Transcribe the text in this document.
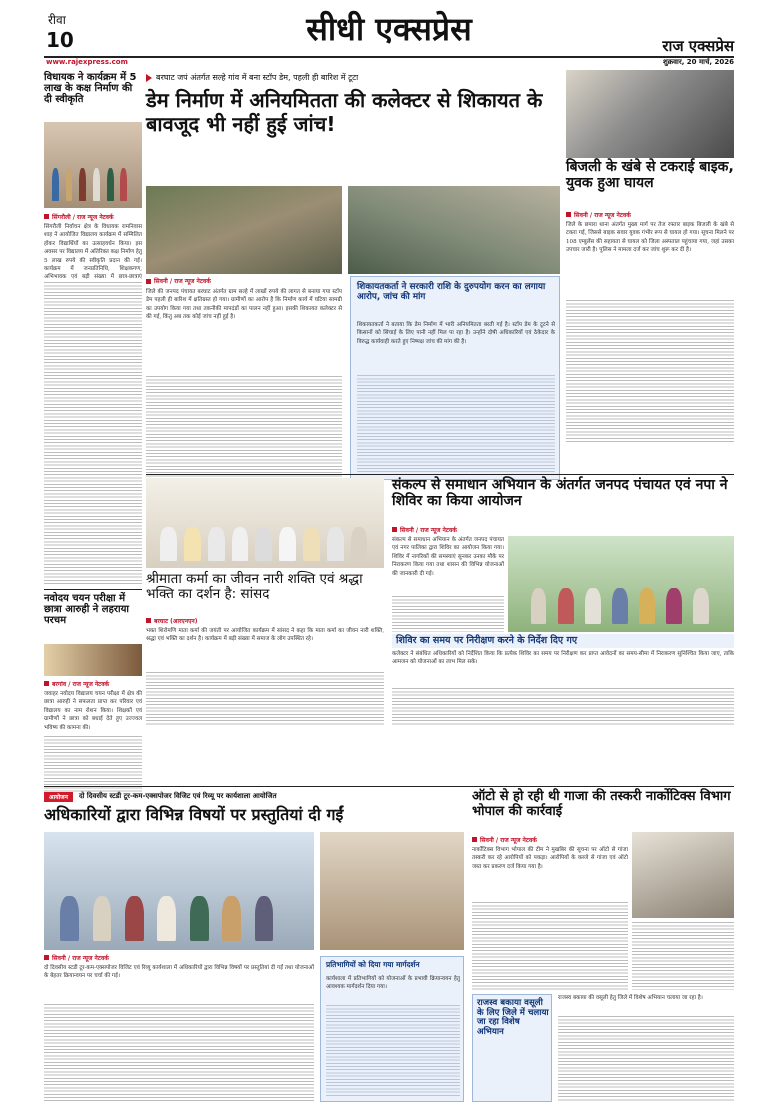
रीवा
10	सीधी एक्सप्रेस	राज एक्सप्रेस
www.rajexpress.com	शुक्रवार, 20 मार्च, 2026
विधायक ने कार्यक्रम में 5 लाख के कक्ष निर्माण की दी स्वीकृति
सिंगरौली / राज न्यूज नेटवर्क
सिंगरौली निर्वाचन क्षेत्र के विधायक रामनिवास शाह ने आयोजित विद्यालय कार्यक्रम में सम्मिलित होकर विद्यार्थियों का उत्साहवर्धन किया। इस अवसर पर विद्यालय में अतिरिक्त कक्ष निर्माण हेतु 5 लाख रुपये की स्वीकृति प्रदान की गई। कार्यक्रम में जनप्रतिनिधि, शिक्षकगण, अभिभावक एवं बड़ी संख्या में छात्र-छात्राएं
नवोदय चयन परीक्षा में छात्रा आरुही ने लहराया परचम
बरगांव / राज न्यूज नेटवर्क
जवाहर नवोदय विद्यालय चयन परीक्षा में क्षेत्र की छात्रा आरुही ने सफलता प्राप्त कर परिवार एवं विद्यालय का नाम रोशन किया। शिक्षकों एवं ग्रामीणों ने छात्रा को बधाई देते हुए उज्ज्वल भविष्य की कामना की।
बरघाट जपं अंतर्गत सल्हे गांव में बना स्टॉप डेम, पहली ही बारिश में टूटा
डेम निर्माण में अनियमितता की कलेक्टर से शिकायत के बावजूद भी नहीं हुई जांच!
सिवनी / राज न्यूज नेटवर्क
जिले की जनपद पंचायत बरघाट अंतर्गत ग्राम सल्हे में लाखों रुपये की लागत से बनाया गया स्टॉप डेम पहली ही बारिश में क्षतिग्रस्त हो गया। ग्रामीणों का आरोप है कि निर्माण कार्य में घटिया सामग्री का उपयोग किया गया तथा तकनीकी मापदंडों का पालन नहीं हुआ। इसकी शिकायत कलेक्टर से की गई, किंतु अब तक कोई जांच नहीं हुई है।
शिकायतकर्ता ने सरकारी राशि के दुरुपयोग करन का लगाया आरोप, जांच की मांग
शिकायतकर्ता ने बताया कि डेम निर्माण में भारी अनियमितता बरती गई है। स्टॉप डेम के टूटने से किसानों को सिंचाई के लिए पानी नहीं मिल पा रहा है। उन्होंने दोषी अधिकारियों एवं ठेकेदार के विरुद्ध कार्यवाही करते हुए निष्पक्ष जांच की मांग की है।
बिजली के खंबे से टकराई बाइक, युवक हुआ घायल
सिवनी / राज न्यूज नेटवर्क
जिले के छपारा थाना अंतर्गत मुख्य मार्ग पर तेज रफ्तार बाइक बिजली के खंबे से टकरा गई, जिससे बाइक सवार युवक गंभीर रूप से घायल हो गया। सूचना मिलने पर 108 एम्बुलेंस की सहायता से घायल को जिला अस्पताल पहुंचाया गया, जहां उसका उपचार जारी है। पुलिस ने मामला दर्ज कर जांच शुरू कर दी है।
संकल्प से समाधान अभियान के अंतर्गत जनपद पंचायत एवं नपा ने शिविर का किया आयोजन
सिवनी / राज न्यूज नेटवर्क
संकल्प से समाधान अभियान के अंतर्गत जनपद पंचायत एवं नगर पालिका द्वारा शिविर का आयोजन किया गया। शिविर में नागरिकों की समस्याएं सुनकर उनका मौके पर निराकरण किया गया तथा शासन की विभिन्न योजनाओं की जानकारी दी गई।
शिविर का समय पर निरीक्षण करने के निर्देश दिए गए
कलेक्टर ने संबंधित अधिकारियों को निर्देशित किया कि प्रत्येक शिविर का समय पर निरीक्षण कर प्राप्त आवेदनों का समय-सीमा में निराकरण सुनिश्चित किया जाए, ताकि आमजन को योजनाओं का लाभ मिल सके।
श्रीमाता कर्मा का जीवन नारी शक्ति एवं श्रद्धा भक्ति का दर्शन है: सांसद
बरघाट (आरएनएन)
भक्त शिरोमणि माता कर्मा की जयंती पर आयोजित कार्यक्रम में सांसद ने कहा कि माता कर्मा का जीवन नारी शक्ति, श्रद्धा एवं भक्ति का दर्शन है। कार्यक्रम में बड़ी संख्या में समाज के लोग उपस्थित रहे।
आयोजन	दो दिवसीय स्टडी टूर-कम-एक्सपोजर विजिट एवं रिव्यू पर कार्यशाला आयोजित
अधिकारियों द्वारा विभिन्न विषयों पर प्रस्तुतियां दी गईं
सिवनी / राज न्यूज नेटवर्क
दो दिवसीय स्टडी टूर-कम-एक्सपोजर विजिट एवं रिव्यू कार्यशाला में अधिकारियों द्वारा विभिन्न विषयों पर प्रस्तुतियां दी गईं तथा योजनाओं के बेहतर क्रियान्वयन पर चर्चा की गई।
प्रतिभागियों को दिया गया मार्गदर्शन
कार्यशाला में प्रतिभागियों को योजनाओं के प्रभावी क्रियान्वयन हेतु आवश्यक मार्गदर्शन दिया गया।
ऑटो से हो रही थी गाजा की तस्करी नार्कोटिक्स विभाग भोपाल की कार्रवाई
सिवनी / राज न्यूज नेटवर्क
नार्कोटिक्स विभाग भोपाल की टीम ने मुखबिर की सूचना पर ऑटो से गांजा तस्करी कर रहे आरोपियों को पकड़ा। आरोपियों के कब्जे से गांजा एवं ऑटो जब्त कर प्रकरण दर्ज किया गया है।
राजस्व बकाया वसूली के लिए जिले में चलाया जा रहा विशेष अभियान
राजस्व बकाया की वसूली हेतु जिले में विशेष अभियान चलाया जा रहा है।
